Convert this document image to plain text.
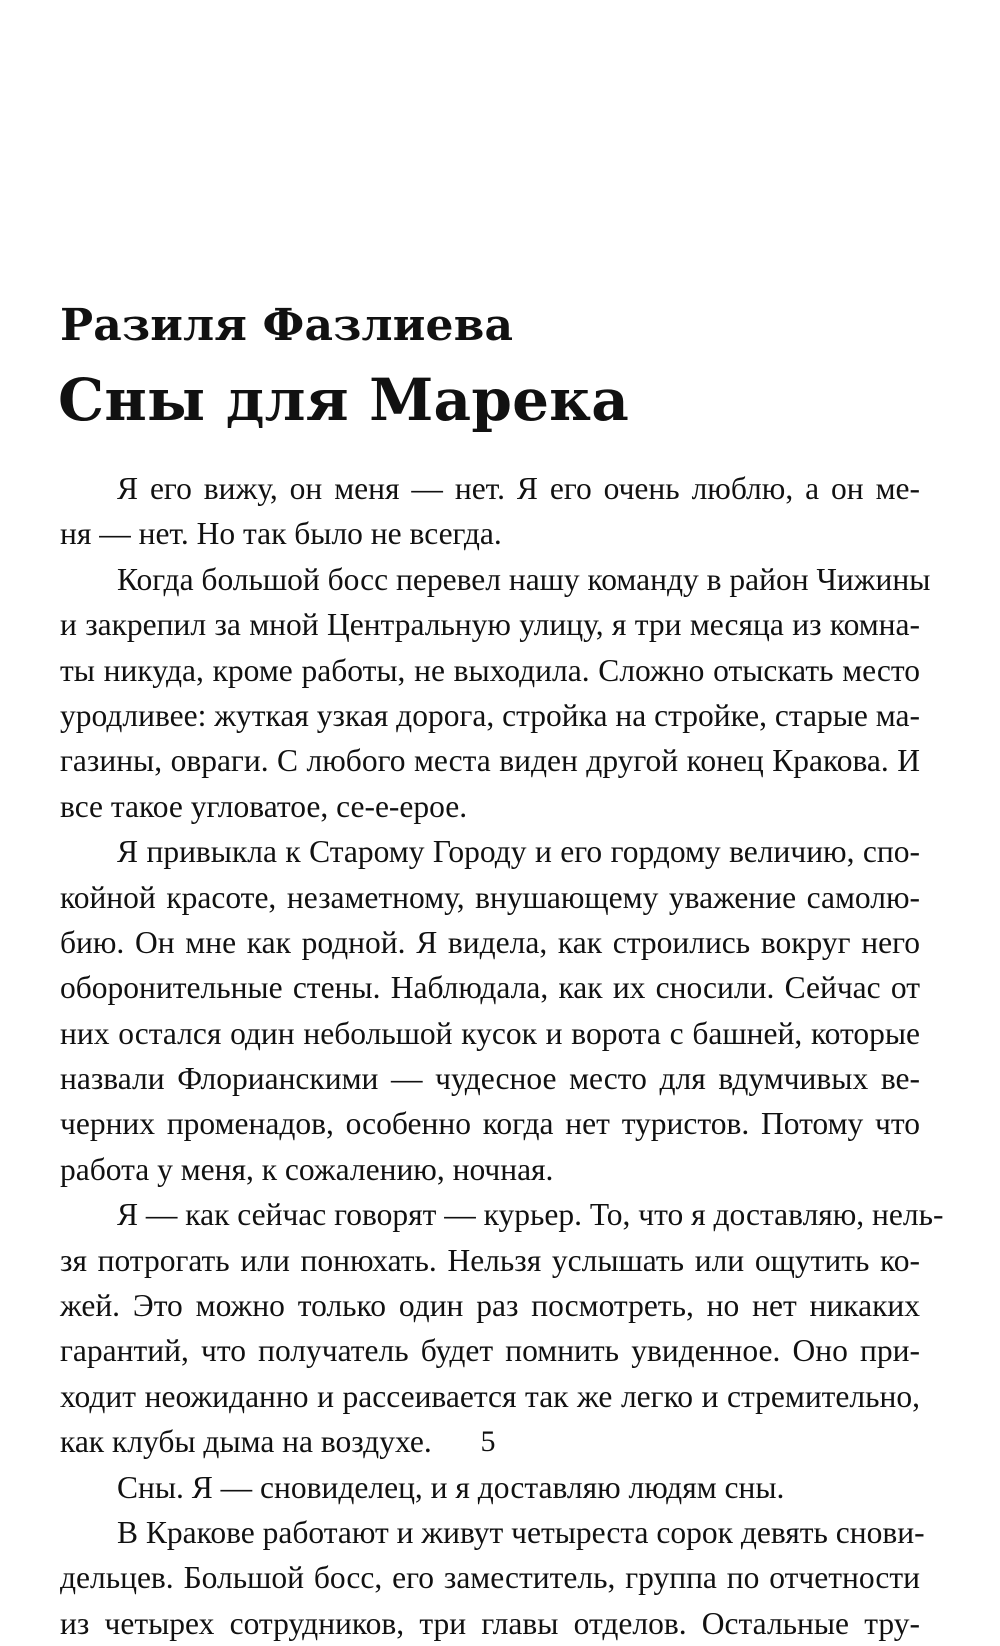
Разиля Фазлиева
Сны для Марека
Я его вижу, он меня — нет. Я его очень люблю, а он ме-
ня — нет. Но так было не всегда.
Когда большой босс перевел нашу команду в район Чижины
и закрепил за мной Центральную улицу, я три месяца из комна-
ты никуда, кроме работы, не выходила. Сложно отыскать место
уродливее: жуткая узкая дорога, стройка на стройке, старые ма-
газины, овраги. С любого места виден другой конец Кракова. И
все такое угловатое, се-е-ерое.
Я привыкла к Старому Городу и его гордому величию, спо-
койной красоте, незаметному, внушающему уважение самолю-
бию. Он мне как родной. Я видела, как строились вокруг него
оборонительные стены. Наблюдала, как их сносили. Сейчас от
них остался один небольшой кусок и ворота с башней, которые
назвали Флорианскими — чудесное место для вдумчивых ве-
черних променадов, особенно когда нет туристов. Потому что
работа у меня, к сожалению, ночная.
Я — как сейчас говорят — курьер. То, что я доставляю, нель-
зя потрогать или понюхать. Нельзя услышать или ощутить ко-
жей. Это можно только один раз посмотреть, но нет никаких
гарантий, что получатель будет помнить увиденное. Оно при-
ходит неожиданно и рассеивается так же легко и стремительно,
как клубы дыма на воздухе.
Сны. Я — сновиделец, и я доставляю людям сны.
В Кракове работают и живут четыреста сорок девять снови-
дельцев. Большой босс, его заместитель, группа по отчетности
из четырех сотрудников, три главы отделов. Остальные тру-
5
